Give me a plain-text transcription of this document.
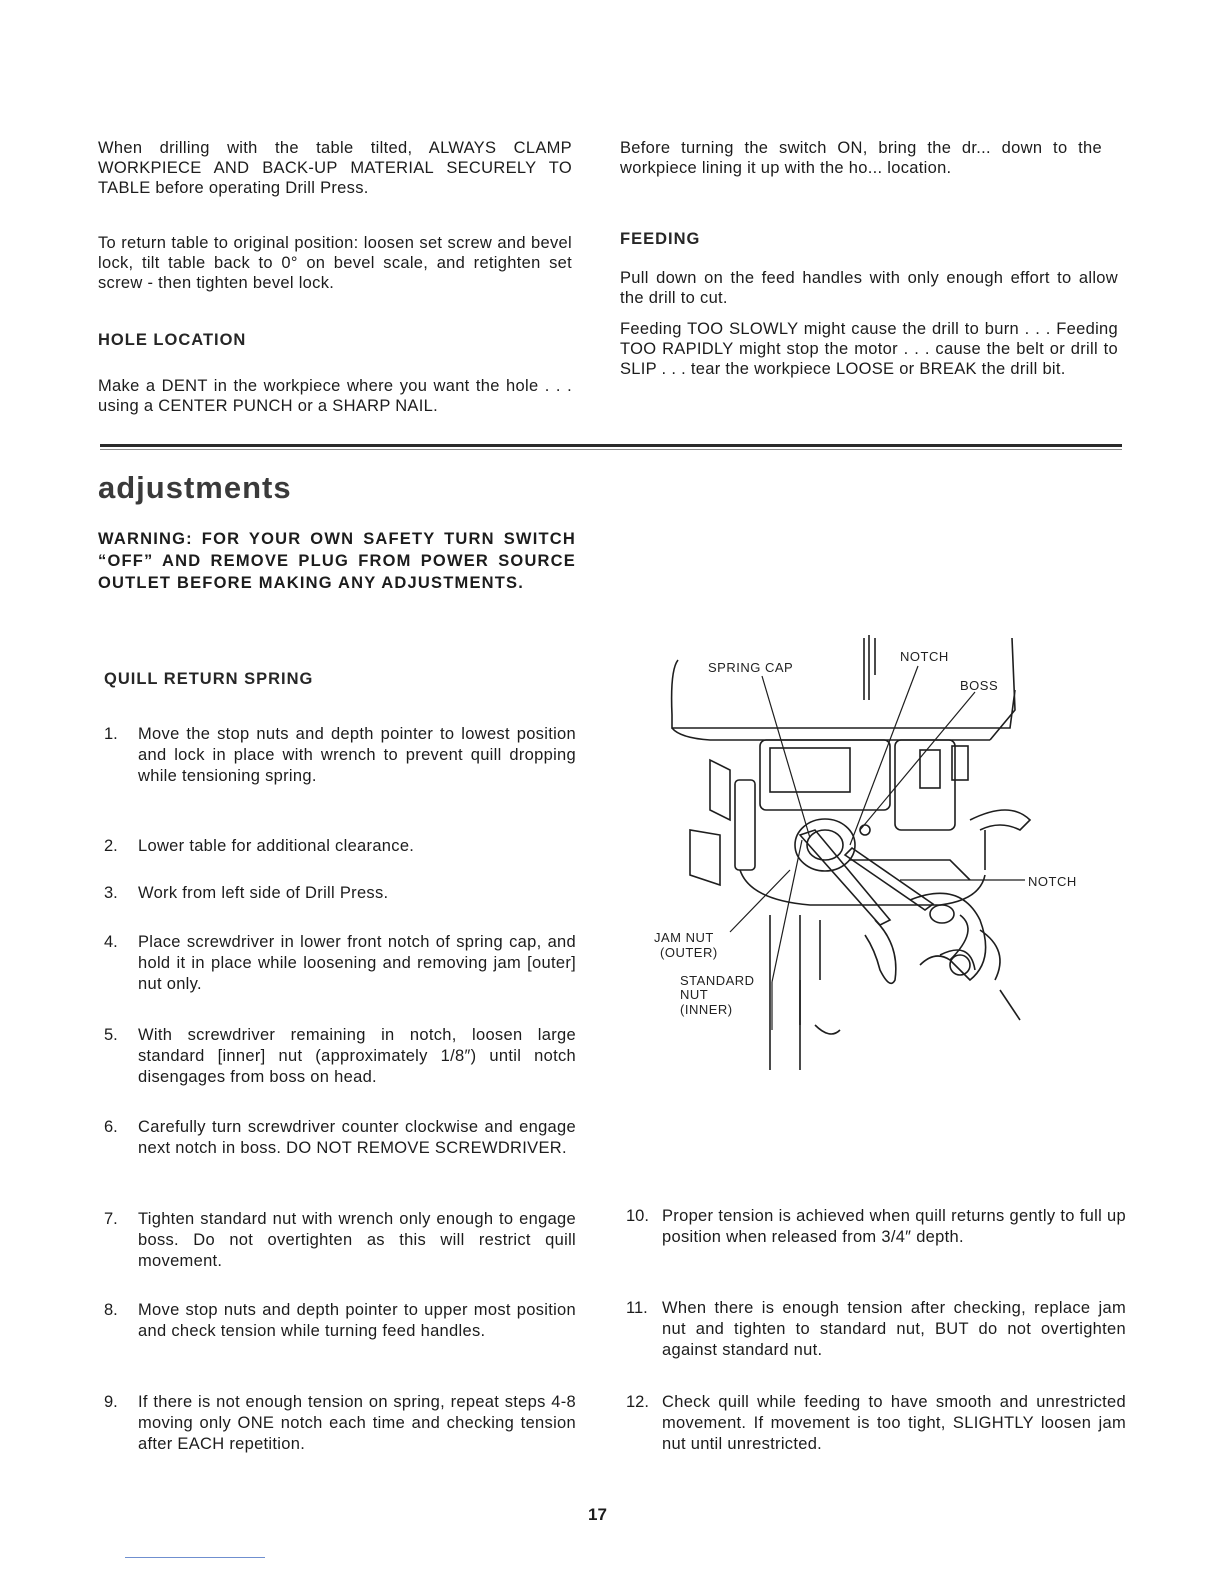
When drilling with the table tilted, ALWAYS CLAMP WORKPIECE AND BACK-UP MATERIAL SECURELY TO TABLE before operating Drill Press.

To return table to original position: loosen set screw and bevel lock, tilt table back to 0° on bevel scale, and retighten set screw - then tighten bevel lock.

HOLE LOCATION

Make a DENT in the workpiece where you want the hole . . . using a CENTER PUNCH or a SHARP NAIL.

Before turning the switch ON, bring the dr... down to the workpiece lining it up with the ho... location.

FEEDING

Pull down on the feed handles with only enough effort to allow the drill to cut.

Feeding TOO SLOWLY might cause the drill to burn . . . Feeding TOO RAPIDLY might stop the motor . . . cause the belt or drill to SLIP . . . tear the workpiece LOOSE or BREAK the drill bit.

adjustments

WARNING: FOR YOUR OWN SAFETY TURN SWITCH “OFF” AND REMOVE PLUG FROM POWER SOURCE OUTLET BEFORE MAKING ANY ADJUSTMENTS.

QUILL RETURN SPRING

1. Move the stop nuts and depth pointer to lowest position and lock in place with wrench to prevent quill dropping while tensioning spring.

2. Lower table for additional clearance.

3. Work from left side of Drill Press.

4. Place screwdriver in lower front notch of spring cap, and hold it in place while loosening and removing jam [outer] nut only.

5. With screwdriver remaining in notch, loosen large standard [inner] nut (approximately 1/8″) until notch disengages from boss on head.

6. Carefully turn screwdriver counter clockwise and engage next notch in boss. DO NOT REMOVE SCREWDRIVER.

7. Tighten standard nut with wrench only enough to engage boss. Do not overtighten as this will restrict quill movement.

8. Move stop nuts and depth pointer to upper most position and check tension while turning feed handles.

9. If there is not enough tension on spring, repeat steps 4-8 moving only ONE notch each time and checking tension after EACH repetition.

10. Proper tension is achieved when quill returns gently to full up position when released from 3/4″ depth.

11. When there is enough tension after checking, replace jam nut and tighten to standard nut, BUT do not overtighten against standard nut.

12. Check quill while feeding to have smooth and unrestricted movement. If movement is too tight, SLIGHTLY loosen jam nut until unrestricted.

SPRING CAP
NOTCH
BOSS
NOTCH
JAM NUT
(OUTER)
STANDARD
NUT
(INNER)

17
